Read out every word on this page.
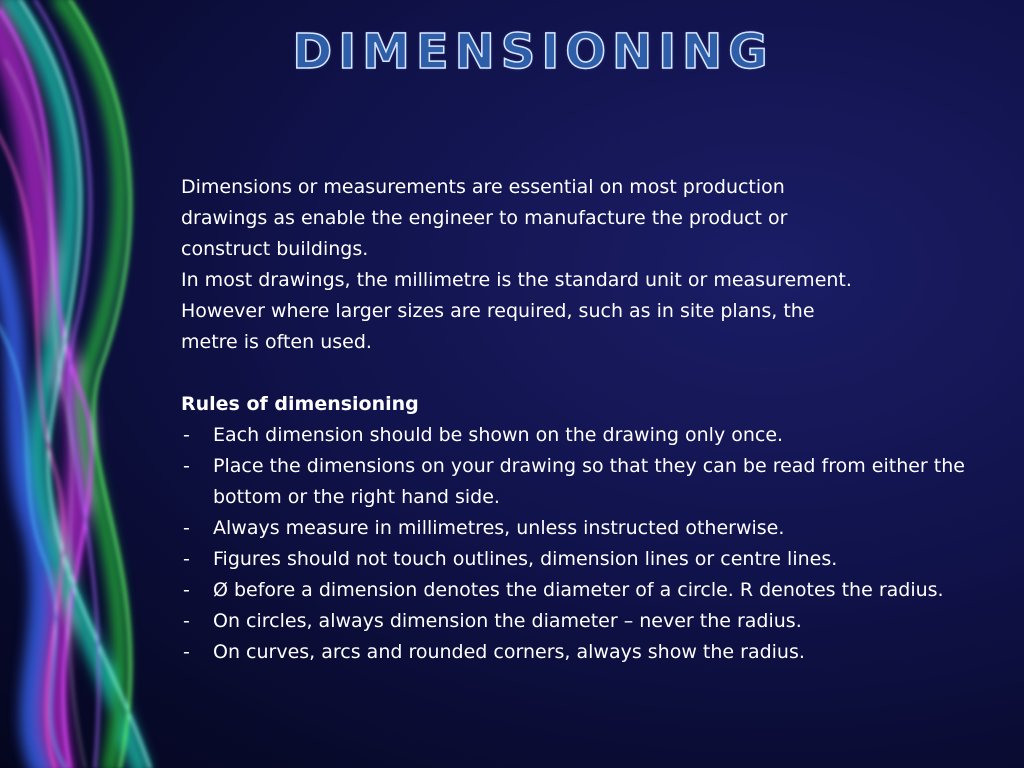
DIMENSIONING

Dimensions or measurements are essential on most production

drawings as enable the engineer to manufacture the product or

construct buildings.

In most drawings, the millimetre is the standard unit or measurement.

However where larger sizes are required, such as in site plans, the

metre is often used.

Rules of dimensioning

- Each dimension should be shown on the drawing only once.
- Place the dimensions on your drawing so that they can be read from either the bottom or the right hand side.
- Always measure in millimetres, unless instructed otherwise.
- Figures should not touch outlines, dimension lines or centre lines.
- Ø before a dimension denotes the diameter of a circle. R denotes the radius.
- On circles, always dimension the diameter – never the radius.
- On curves, arcs and rounded corners, always show the radius.
